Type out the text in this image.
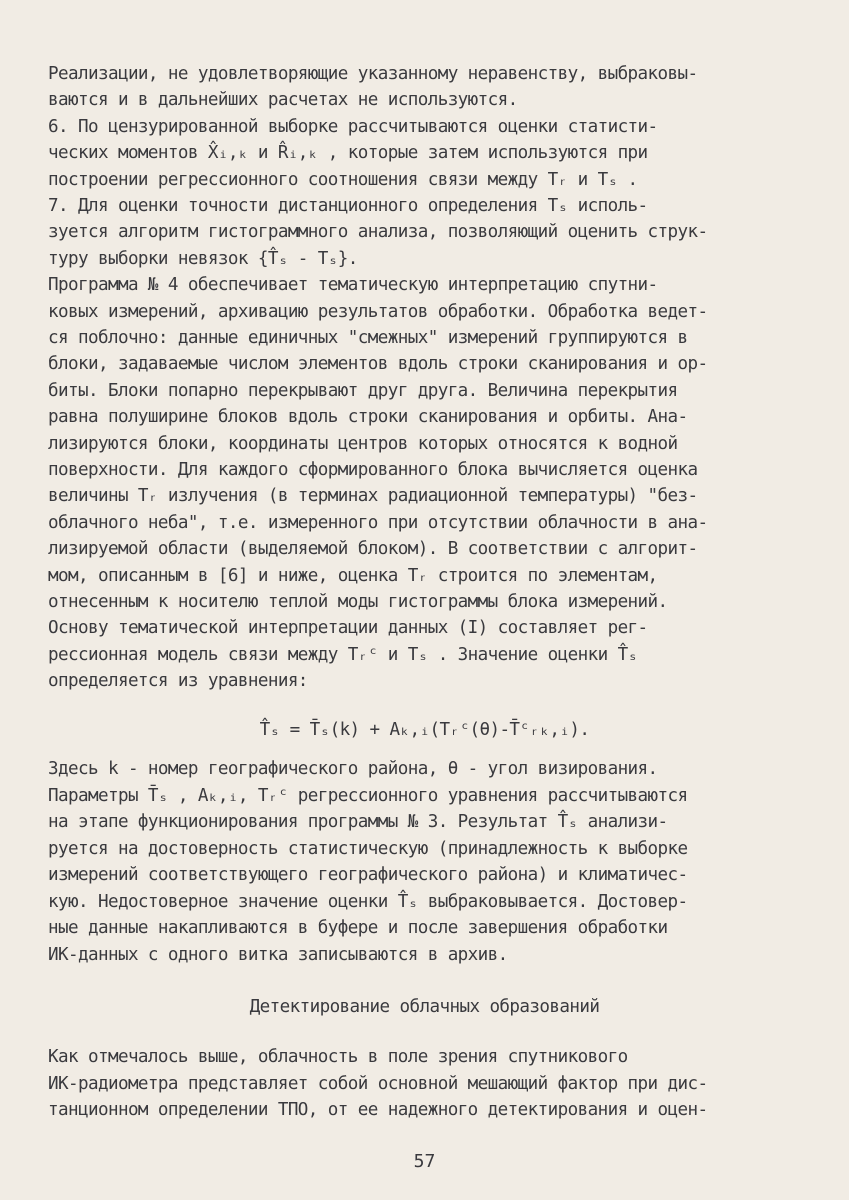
Реализации, не удовлетворяющие указанному неравенству, выбраковы-
ваются и в дальнейших расчетах не используются.
6. По цензурированной выборке рассчитываются оценки статисти-
ческих моментов X̂ᵢ,ₖ и R̂ᵢ,ₖ , которые затем используются при
построении регрессионного соотношения связи между Tᵣ и Tₛ .
7. Для оценки точности дистанционного определения Tₛ исполь-
зуется алгоритм гистограммного анализа, позволяющий оценить струк-
туру выборки невязок {T̂ₛ - Tₛ}.
Программа № 4 обеспечивает тематическую интерпретацию спутни-
ковых измерений, архивацию результатов обработки. Обработка ведет-
ся поблочно: данные единичных "смежных" измерений группируются в
блоки, задаваемые числом элементов вдоль строки сканирования и ор-
биты. Блоки попарно перекрывают друг друга. Величина перекрытия
равна полуширине блоков вдоль строки сканирования и орбиты. Ана-
лизируются блоки, координаты центров которых относятся к водной
поверхности. Для каждого сформированного блока вычисляется оценка
величины Tᵣ излучения (в терминах радиационной температуры) "без-
облачного неба", т.е. измеренного при отсутствии облачности в ана-
лизируемой области (выделяемой блоком). В соответствии с алгорит-
мом, описанным в [6] и ниже, оценка Tᵣ строится по элементам,
отнесенным к носителю теплой моды гистограммы блока измерений.
Основу тематической интерпретации данных (I) составляет рег-
рессионная модель связи между Tᵣᶜ и Tₛ . Значение оценки T̂ₛ
определяется из уравнения:
T̂ₛ = T̄ₛ(k) + Aₖ,ᵢ(Tᵣᶜ(θ)-T̄ᶜᵣₖ,ᵢ).
Здесь k - номер географического района, θ - угол визирования.
Параметры T̄ₛ , Aₖ,ᵢ, Tᵣᶜ регрессионного уравнения рассчитываются
на этапе функционирования программы № 3. Результат T̂ₛ анализи-
руется на достоверность статистическую (принадлежность к выборке
измерений соответствующего географического района) и климатичес-
кую. Недостоверное значение оценки T̂ₛ выбраковывается. Достовер-
ные данные накапливаются в буфере и после завершения обработки
ИК-данных с одного витка записываются в архив.
Детектирование облачных образований
Как отмечалось выше, облачность в поле зрения спутникового
ИК-радиометра представляет собой основной мешающий фактор при дис-
танционном определении ТПО, от ее надежного детектирования и оцен-
57
